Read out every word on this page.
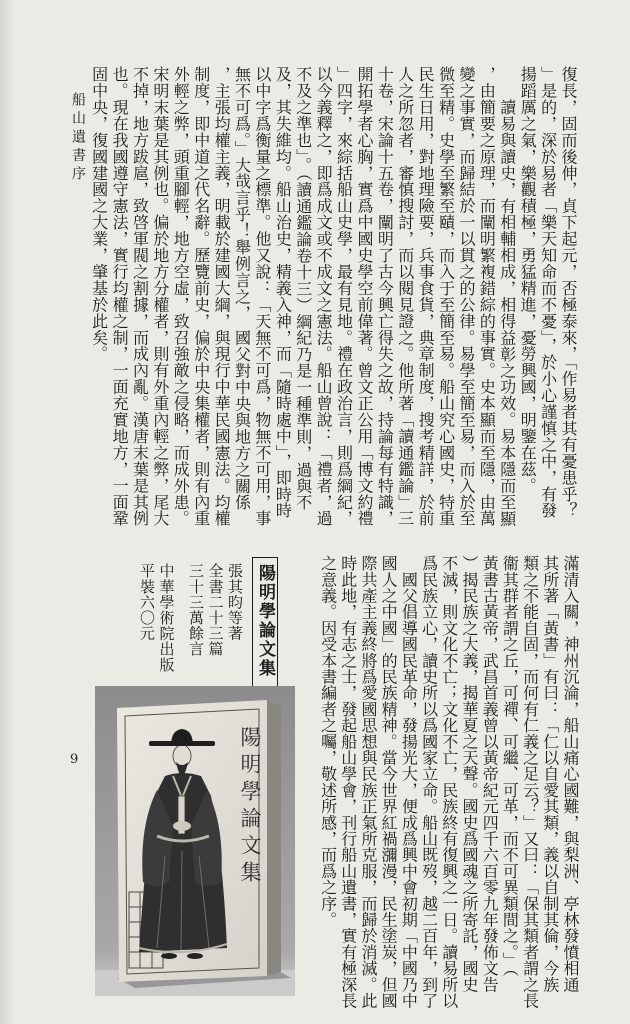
船山遺書序
9
復長，固而後伸，貞下起元，否極泰來，「作易者其有憂患乎？
」是的，深於易者「樂天知命而不憂」，於小心謹慎之中，有發
揚蹈厲之氣，樂觀積極，勇猛精進，憂勞興國，明鑒在茲。
讀易與讀史，有相輔相成，相得益彰之功效。易本隱而至顯
，由簡要之原理，而闡明繁複錯綜的事實。史本顯而至隱，由萬
變之事實，而歸結於一以貫之的公律。易學至簡至易，而入於至
微至精。史學至繁至賾，而入于至簡至易。船山究心國史，特重
民生日用，對地理險要，兵事食貨，典章制度，搜考精詳，於前
人之所忽者，審慎搜討，而以閱見證之。他所著「讀通鑑論」三
十卷，宋論十五卷，闡明了古今興亡得失之故，持論每有特識，
開拓學者心胸，實爲中國史學空前偉著。曾文正公用「博文約禮
」四字，來綜括船山史學，最有見地。禮在政治言，則爲綱紀，
以今義釋之，即爲成文或不成文之憲法。船山曾說：「禮者，過
不及之準也」。（讀通鑑論卷十三）綱紀乃是一種準則，過與不
及，其失維均。船山治史，精義入神，而「隨時處中」，即時時
以中字爲衡量之標準。他又說：「天無不可爲，物無不可用，事
無不可爲。」大哉言乎！舉例言之，　國父對中央與地方之關係
，主張均權主義，明載於建國大綱，與現行中華民國憲法。均權
制度，即中道之代名辭。歷覽前史，偏於中央集權者，則有內重
外輕之弊，頭重腳輕，地方空虛，致召強敵之侵略，而成外患。
宋明末葉是其例也。偏於地方分權者，則有外重內輕之弊，尾大
不掉，地方跋扈，致啓軍閥之割據，而成內亂。漢唐末葉是其例
也。現在我國遵守憲法，實行均權之制，一面充實地方，一面鞏
固中央，復國建國之大業，肇基於此矣。
滿清入關，神州沉淪，船山痛心國難，與梨洲、亭林發憤相通
其所著「黃書」有曰：「仁以自愛其類，義以自制其倫，今族
類之不能自固，而何有仁義之足云？」又曰：「保其類者謂之長
衞其群者謂之丘，可禪、可繼、可革，而不可異類間之。」（
黃書古黃帝，武昌首義曾以黃帝紀元四千六百零九年發佈文告
）揭民族之大義，揭華夏之天聲。國史爲國魂之所寄託，國史
不滅，則文化不亡；文化不亡，民族終有復興之一日。讀易所以
爲民族立心，讀史所以爲國家立命。船山既歿，越二百年，到了
　國父倡導國民革命，發揚光大，便成爲興中會初期「中國乃中
國人之中國」的民族精神。當今世界紅禍瀰漫，民生塗炭，但國
際共產主義終將爲愛國思想與民族正氣所克服，而歸於消滅。此
時此地，有志之士，發起船山學會，刊行船山遺書，實有極深長
之意義。因受本書編者之囑，敬述所感，而爲之序。
陽明學論文集
張其昀等著
全書二十三篇
三十三萬餘言
中華學術院出版
平裝六〇元
陽明學論文集
